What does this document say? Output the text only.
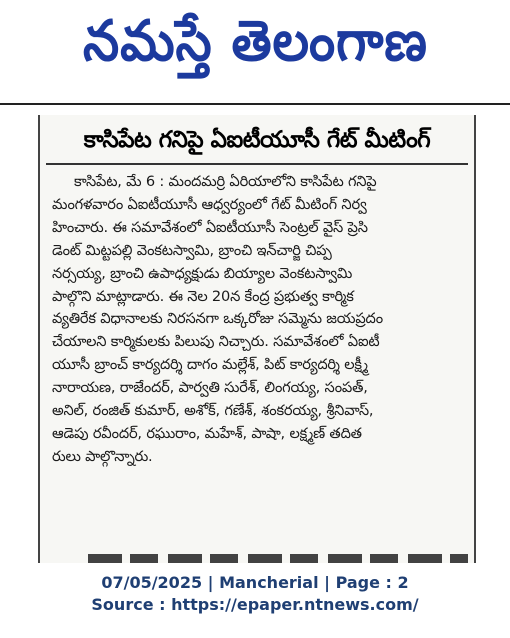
నమస్తే తెలంగాణ
కాసిపేట గనిపై ఏఐటీయూసీ గేట్ మీటింగ్
కాసిపేట, మే 6 : మందమర్రి ఏరియాలోని కాసిపేట గనిపై
మంగళవారం ఏఐటీయూసీ ఆధ్వర్యంలో గేట్ మీటింగ్ నిర్వ
హించారు. ఈ సమావేశంలో ఏఐటీయూసీ సెంట్రల్ వైస్ ప్రెసి
డెంట్ మిట్టపల్లి వెంకటస్వామి, బ్రాంచి ఇన్‌చార్జి చిప్ప
నర్సయ్య, బ్రాంచి ఉపాధ్యక్షుడు బియ్యాల వెంకటస్వామి
పాల్గొని మాట్లాడారు. ఈ నెల 20న కేంద్ర ప్రభుత్వ కార్మిక
వ్యతిరేక విధానాలకు నిరసనగా ఒక్కరోజు సమ్మెను జయప్రదం
చేయాలని కార్మికులకు పిలుపు నిచ్చారు. సమావేశంలో ఏఐటీ
యూసీ బ్రాంచ్ కార్యదర్శి దాగం మల్లేశ్, పిట్ కార్యదర్శి లక్ష్మీ
నారాయణ, రాజేందర్, పార్వతి సురేశ్, లింగయ్య, సంపత్,
అనిల్, రంజిత్ కుమార్, అశోక్, గణేశ్, శంకరయ్య, శ్రీనివాస్,
ఆడెపు రవీందర్, రఘురాం, మహేశ్, పాషా, లక్ష్మణ్ తదిత
రులు పాల్గొన్నారు.
07/05/2025 | Mancherial | Page : 2
Source : https://epaper.ntnews.com/
